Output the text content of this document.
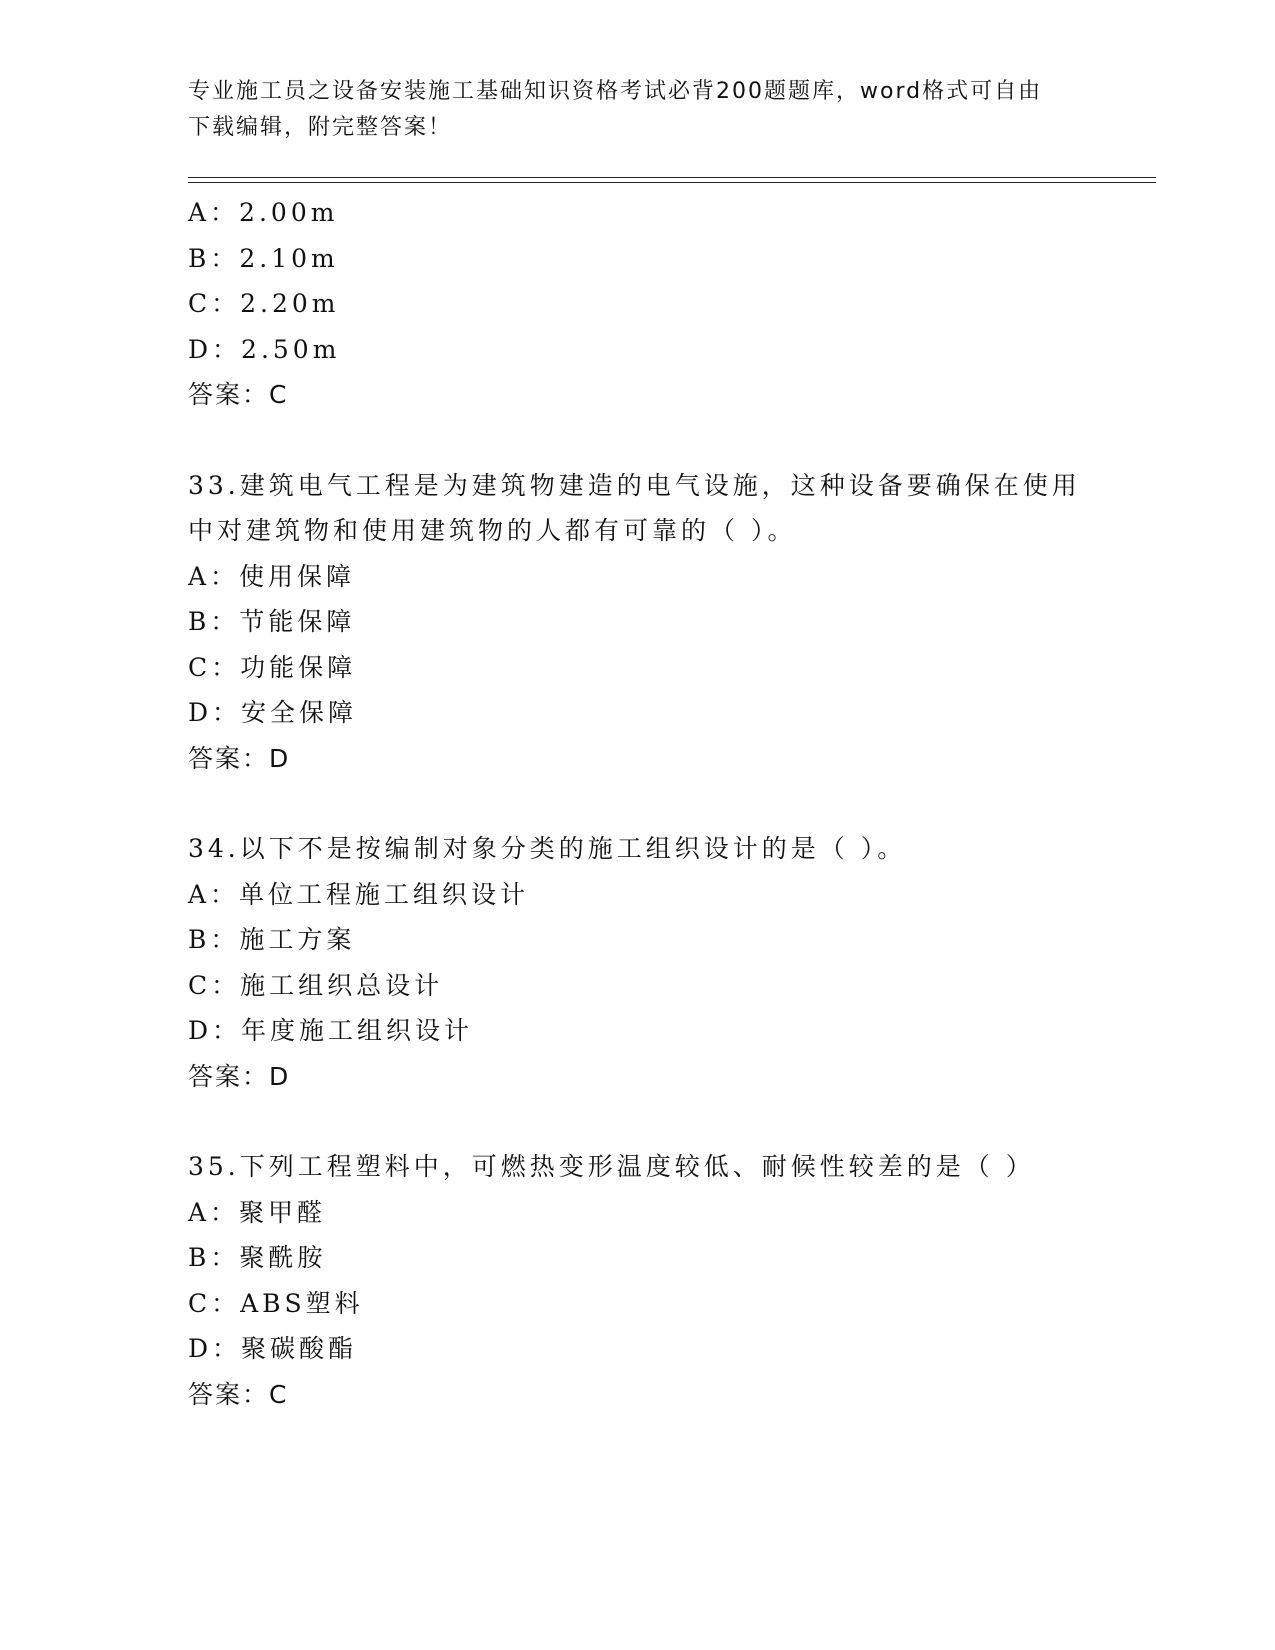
专业施工员之设备安装施工基础知识资格考试必背200题题库，word格式可自由
下载编辑，附完整答案！
A：2.00m
B：2.10m
C：2.20m
D：2.50m
答案：C
33.建筑电气工程是为建筑物建造的电气设施，这种设备要确保在使用
中对建筑物和使用建筑物的人都有可靠的（ ）。
A：使用保障
B：节能保障
C：功能保障
D：安全保障
答案：D
34.以下不是按编制对象分类的施工组织设计的是（ ）。
A：单位工程施工组织设计
B：施工方案
C：施工组织总设计
D：年度施工组织设计
答案：D
35.下列工程塑料中，可燃热变形温度较低、耐候性较差的是（ ）
A：聚甲醛
B：聚酰胺
C：ABS塑料
D：聚碳酸酯
答案：C
